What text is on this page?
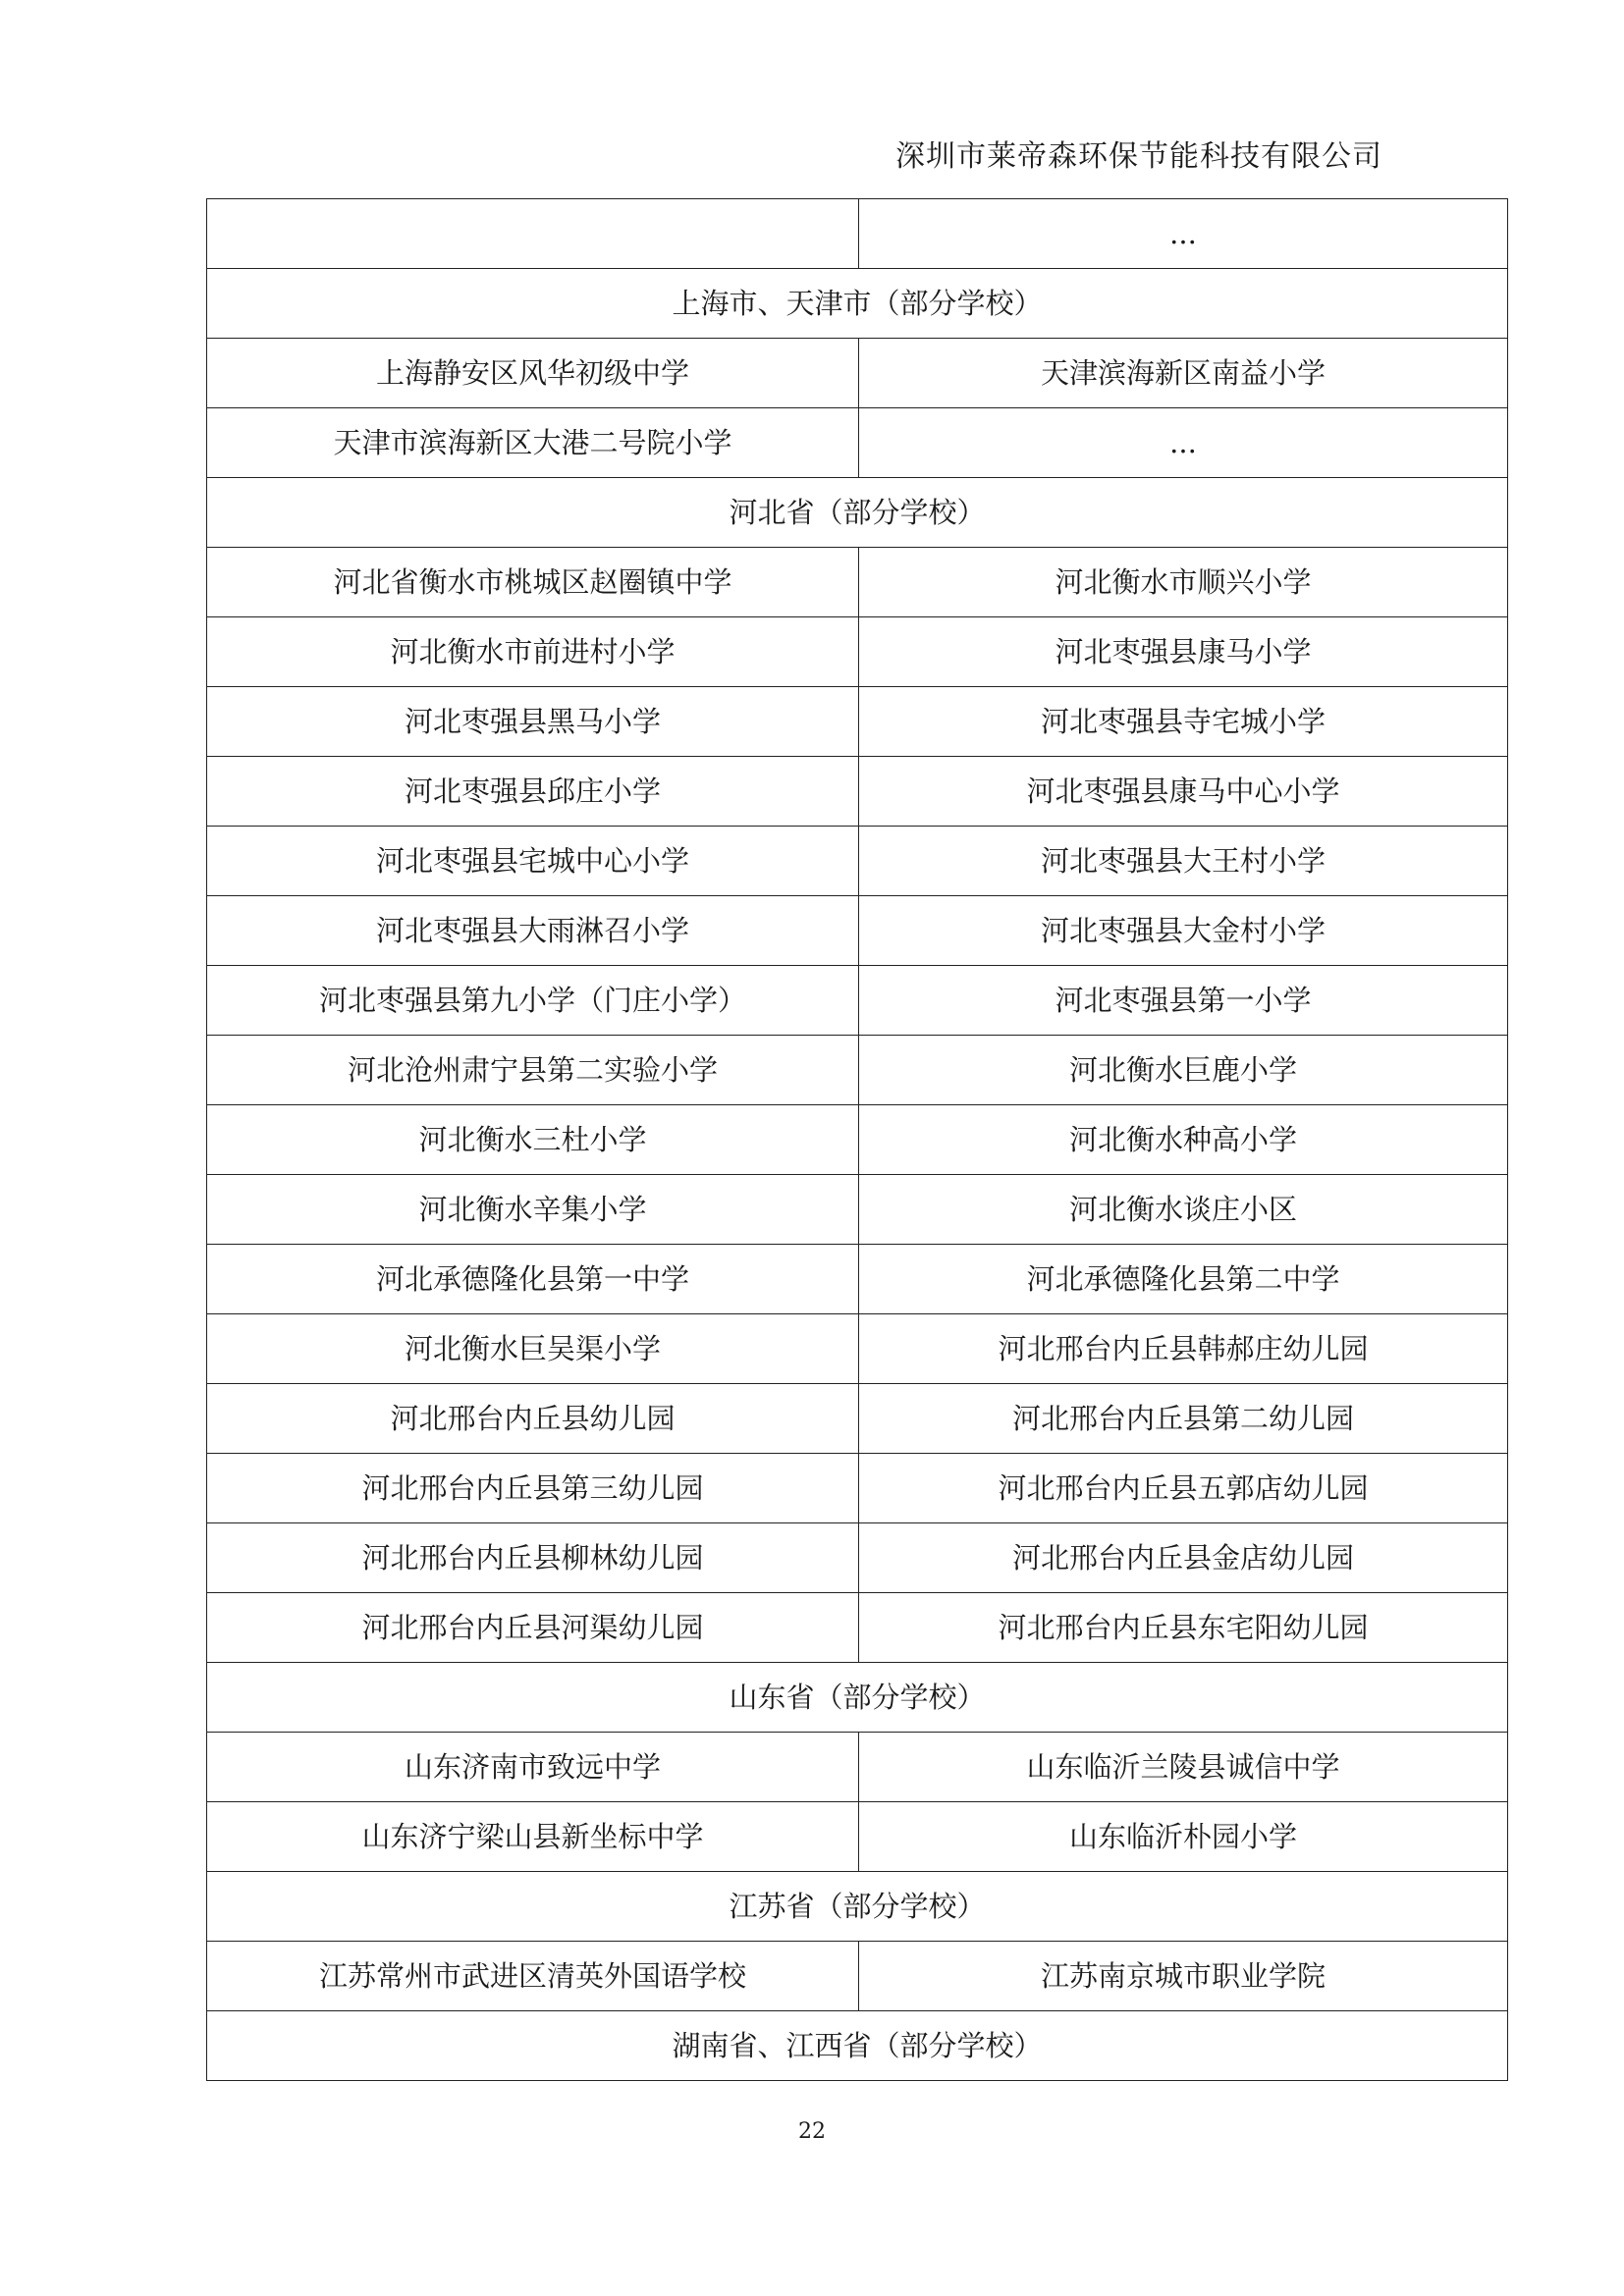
深圳市莱帝森环保节能科技有限公司
	...
上海市、天津市（部分学校）	
上海静安区风华初级中学	天津滨海新区南益小学
天津市滨海新区大港二号院小学	...
河北省（部分学校）	
河北省衡水市桃城区赵圈镇中学	河北衡水市顺兴小学
河北衡水市前进村小学	河北枣强县康马小学
河北枣强县黑马小学	河北枣强县寺宅城小学
河北枣强县邱庄小学	河北枣强县康马中心小学
河北枣强县宅城中心小学	河北枣强县大王村小学
河北枣强县大雨淋召小学	河北枣强县大金村小学
河北枣强县第九小学（门庄小学）	河北枣强县第一小学
河北沧州肃宁县第二实验小学	河北衡水巨鹿小学
河北衡水三杜小学	河北衡水种高小学
河北衡水辛集小学	河北衡水谈庄小区
河北承德隆化县第一中学	河北承德隆化县第二中学
河北衡水巨吴渠小学	河北邢台内丘县韩郝庄幼儿园
河北邢台内丘县幼儿园	河北邢台内丘县第二幼儿园
河北邢台内丘县第三幼儿园	河北邢台内丘县五郭店幼儿园
河北邢台内丘县柳林幼儿园	河北邢台内丘县金店幼儿园
河北邢台内丘县河渠幼儿园	河北邢台内丘县东宅阳幼儿园
山东省（部分学校）	
山东济南市致远中学	山东临沂兰陵县诚信中学
山东济宁梁山县新坐标中学	山东临沂朴园小学
江苏省（部分学校）	
江苏常州市武进区清英外国语学校	江苏南京城市职业学院
湖南省、江西省（部分学校）	
22
